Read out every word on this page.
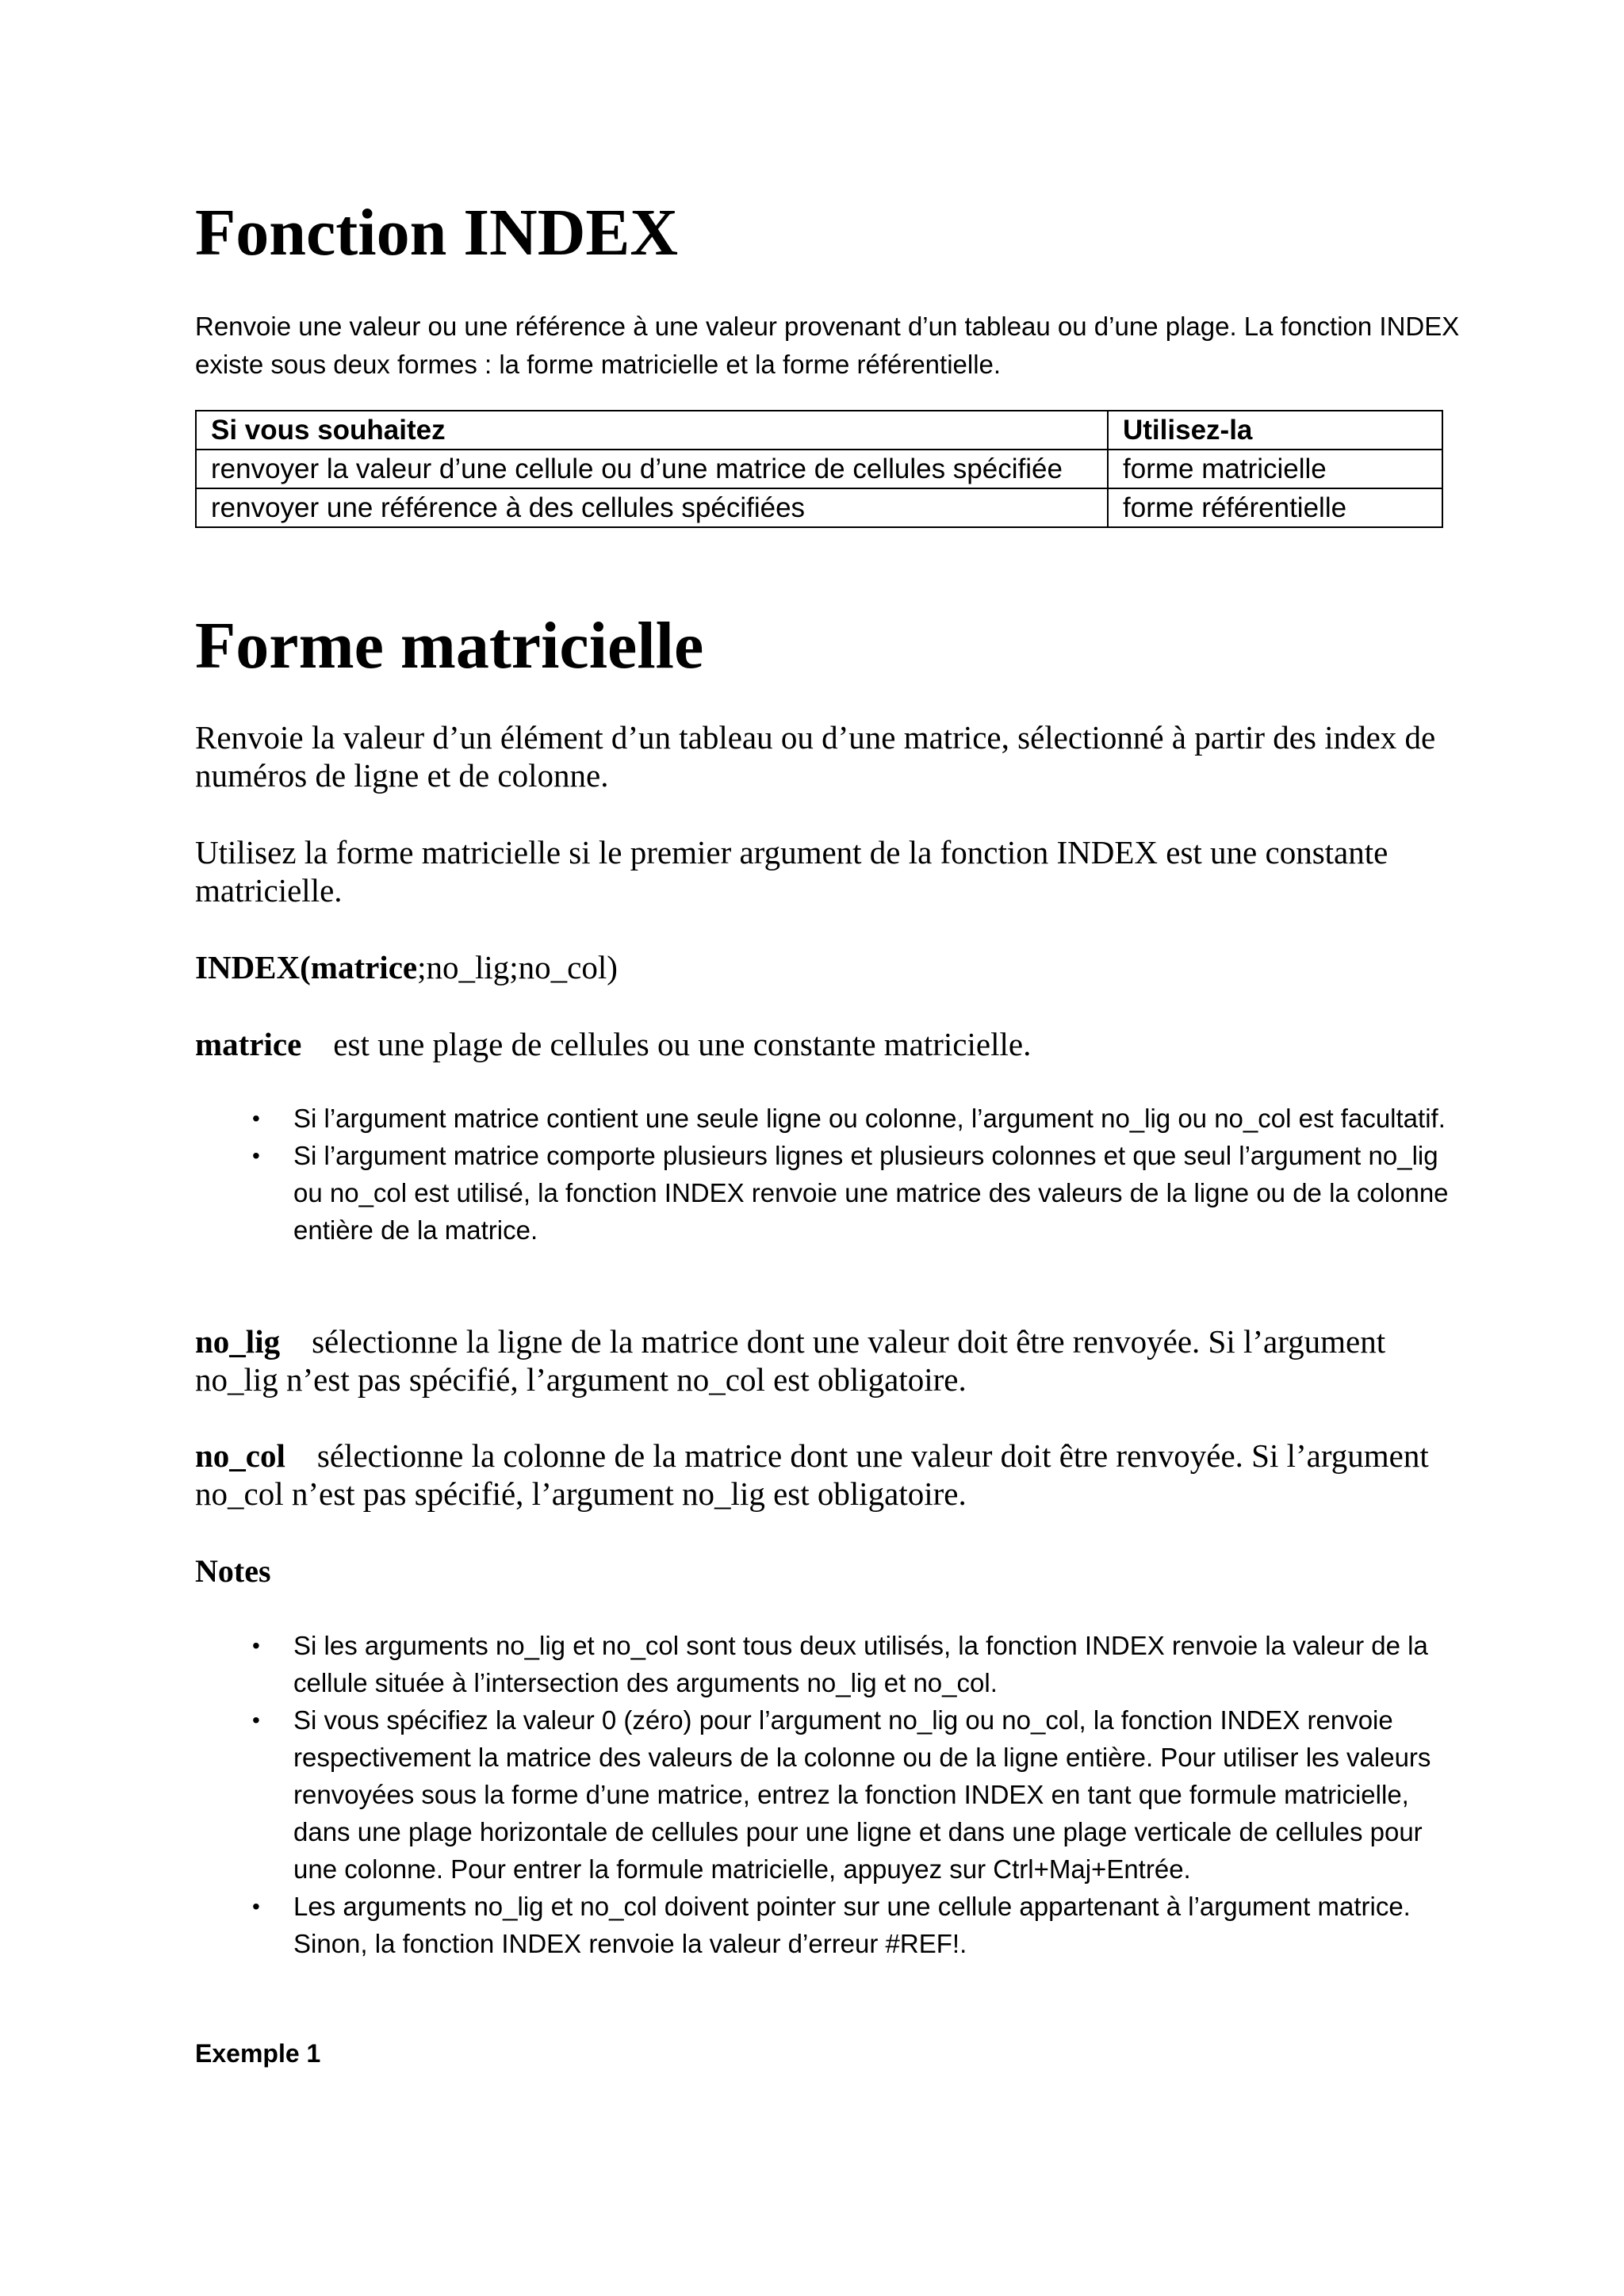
Fonction INDEX

Renvoie une valeur ou une référence à une valeur provenant d’un tableau ou d’une plage. La fonction INDEX existe sous deux formes : la forme matricielle et la forme référentielle.

Si vous souhaitez	Utilisez-la
renvoyer la valeur d’une cellule ou d’une matrice de cellules spécifiée	forme matricielle
renvoyer une référence à des cellules spécifiées	forme référentielle
Forme matricielle

Renvoie la valeur d’un élément d’un tableau ou d’une matrice, sélectionné à partir des index de numéros de ligne et de colonne.

Utilisez la forme matricielle si le premier argument de la fonction INDEX est une constante matricielle.

INDEX(matrice;no_lig;no_col)

matrice est une plage de cellules ou une constante matricielle.

• Si l’argument matrice contient une seule ligne ou colonne, l’argument no_lig ou no_col est facultatif.
• Si l’argument matrice comporte plusieurs lignes et plusieurs colonnes et que seul l’argument no_lig ou no_col est utilisé, la fonction INDEX renvoie une matrice des valeurs de la ligne ou de la colonne entière de la matrice.

no_lig sélectionne la ligne de la matrice dont une valeur doit être renvoyée. Si l’argument no_lig n’est pas spécifié, l’argument no_col est obligatoire.

no_col sélectionne la colonne de la matrice dont une valeur doit être renvoyée. Si l’argument no_col n’est pas spécifié, l’argument no_lig est obligatoire.

Notes

• Si les arguments no_lig et no_col sont tous deux utilisés, la fonction INDEX renvoie la valeur de la cellule située à l’intersection des arguments no_lig et no_col.
• Si vous spécifiez la valeur 0 (zéro) pour l’argument no_lig ou no_col, la fonction INDEX renvoie respectivement la matrice des valeurs de la colonne ou de la ligne entière. Pour utiliser les valeurs renvoyées sous la forme d’une matrice, entrez la fonction INDEX en tant que formule matricielle, dans une plage horizontale de cellules pour une ligne et dans une plage verticale de cellules pour une colonne. Pour entrer la formule matricielle, appuyez sur Ctrl+Maj+Entrée.
• Les arguments no_lig et no_col doivent pointer sur une cellule appartenant à l’argument matrice. Sinon, la fonction INDEX renvoie la valeur d’erreur #REF!.

Exemple 1
